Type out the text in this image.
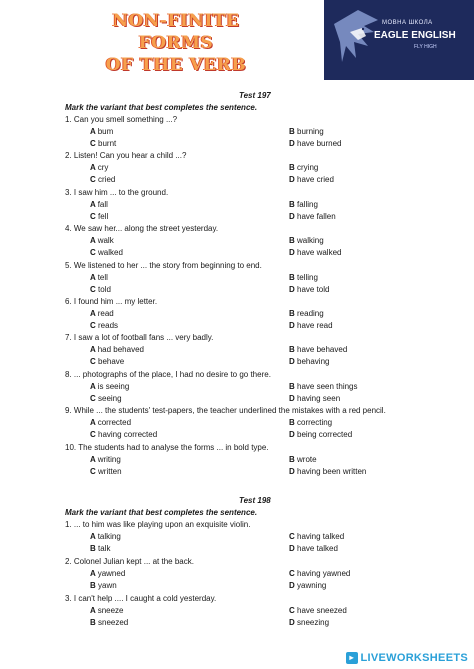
NON-FINITE FORMS
OF THE VERB
МОВНА ШКОЛА
EAGLE ENGLISH
FLY HIGH
Test 197
Mark the variant that best completes the sentence.
1. Can you smell something ...?
A bum	B burning
C burnt	D have burned
2. Listen! Can you hear a child ...?
A cry	B crying
C cried	D have cried
3. I saw him ... to the ground.
A fall	B falling
C fell	D have fallen
4. We saw her... along the street yesterday.
A walk	B walking
C walked	D have walked
5. We listened to her ... the story from beginning to end.
A tell	B telling
C told	D have told
6. I found him ... my letter.
A read	B reading
C reads	D have read
7. I saw a lot of football fans ... very badly.
A had behaved	B have behaved
C behave	D behaving
8. ... photographs of the place, I had no desire to go there.
A is seeing	B have seen things
C seeing	D having seen
9. While ... the students' test-papers, the teacher underlined the mistakes with a red pencil.
A corrected	B correcting
C having corrected	D being corrected
10. The students had to analyse the forms ... in bold type.
A writing	B wrote
C written	D having been written
Test 198
Mark the variant that best completes the sentence.
1. ... to him was like playing upon an exquisite violin.
A talking	C having talked
B talk	D have talked
2. Colonel Julian kept ... at the back.
A yawned	C having yawned
B yawn	D yawning
3. I can't help .... I caught a cold yesterday.
A sneeze	C have sneezed
B sneezed	D sneezing
▸ LIVEWORKSHEETS
